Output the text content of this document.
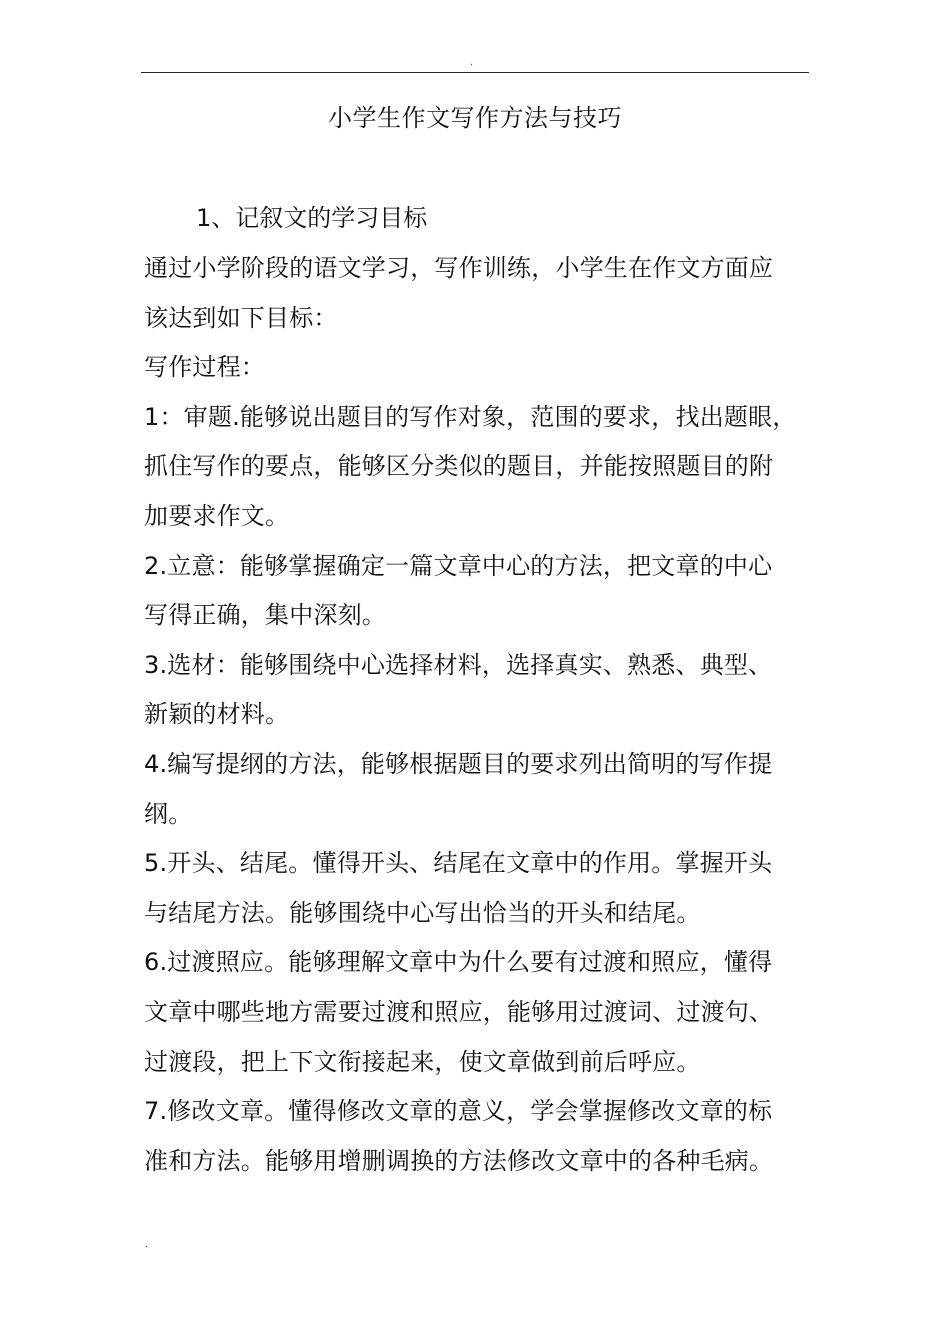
.
小学生作文写作方法与技巧
1、记叙文的学习目标
通过小学阶段的语文学习，写作训练，小学生在作文方面应
该达到如下目标：
写作过程：
1：审题.能够说出题目的写作对象，范围的要求，找出题眼，
抓住写作的要点，能够区分类似的题目，并能按照题目的附
加要求作文。
2.立意：能够掌握确定一篇文章中心的方法，把文章的中心
写得正确，集中深刻。
3.选材：能够围绕中心选择材料，选择真实、熟悉、典型、
新颖的材料。
4.编写提纲的方法，能够根据题目的要求列出简明的写作提
纲。
5.开头、结尾。懂得开头、结尾在文章中的作用。掌握开头
与结尾方法。能够围绕中心写出恰当的开头和结尾。
6.过渡照应。能够理解文章中为什么要有过渡和照应，懂得
文章中哪些地方需要过渡和照应，能够用过渡词、过渡句、
过渡段，把上下文衔接起来，使文章做到前后呼应。
7.修改文章。懂得修改文章的意义，学会掌握修改文章的标
准和方法。能够用增删调换的方法修改文章中的各种毛病。
.
